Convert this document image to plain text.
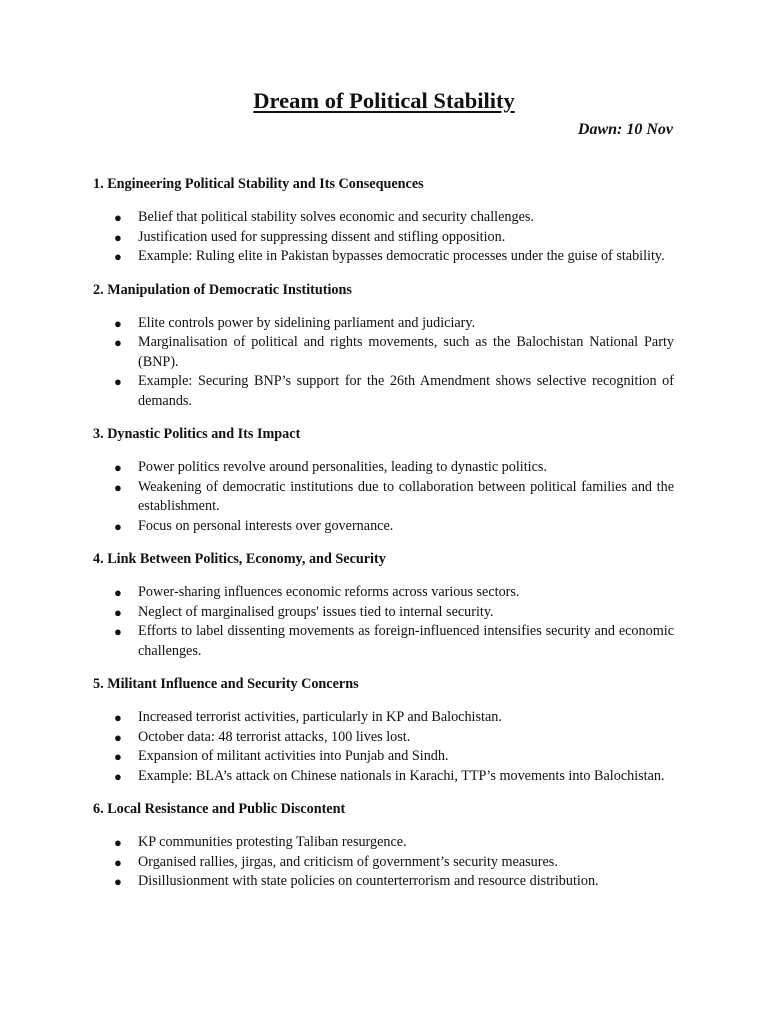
Dream of Political Stability
Dawn: 10 Nov
1. Engineering Political Stability and Its Consequences
● Belief that political stability solves economic and security challenges.
● Justification used for suppressing dissent and stifling opposition.
● Example: Ruling elite in Pakistan bypasses democratic processes under the guise of stability.
2. Manipulation of Democratic Institutions
● Elite controls power by sidelining parliament and judiciary.
● Marginalisation of political and rights movements, such as the Balochistan National Party (BNP).
● Example: Securing BNP’s support for the 26th Amendment shows selective recognition of demands.
3. Dynastic Politics and Its Impact
● Power politics revolve around personalities, leading to dynastic politics.
● Weakening of democratic institutions due to collaboration between political families and the establishment.
● Focus on personal interests over governance.
4. Link Between Politics, Economy, and Security
● Power-sharing influences economic reforms across various sectors.
● Neglect of marginalised groups' issues tied to internal security.
● Efforts to label dissenting movements as foreign-influenced intensifies security and economic challenges.
5. Militant Influence and Security Concerns
● Increased terrorist activities, particularly in KP and Balochistan.
● October data: 48 terrorist attacks, 100 lives lost.
● Expansion of militant activities into Punjab and Sindh.
● Example: BLA’s attack on Chinese nationals in Karachi, TTP’s movements into Balochistan.
6. Local Resistance and Public Discontent
● KP communities protesting Taliban resurgence.
● Organised rallies, jirgas, and criticism of government’s security measures.
● Disillusionment with state policies on counterterrorism and resource distribution.
